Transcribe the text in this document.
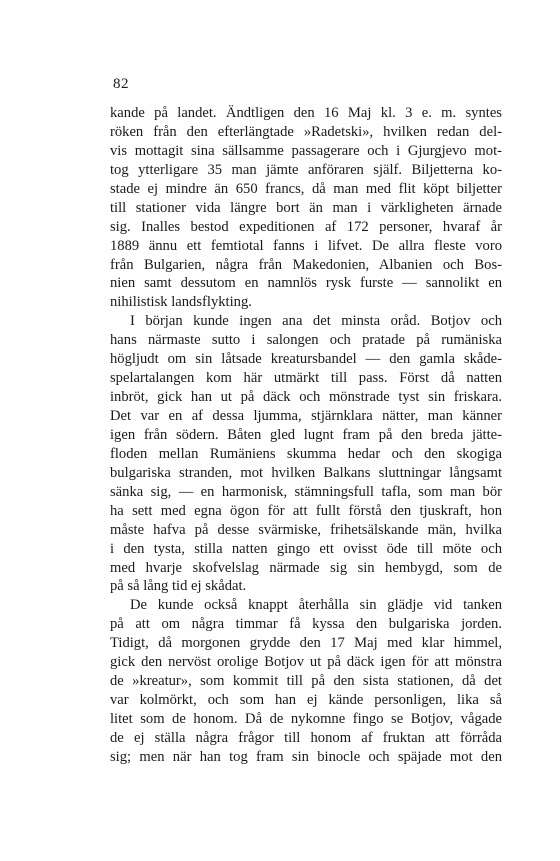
82
kande på landet. Ändtligen den 16 Maj kl. 3 e. m. syntes
röken från den efterlängtade »Radetski», hvilken redan del-
vis mottagit sina sällsamme passagerare och i Gjurgjevo mot-
tog ytterligare 35 man jämte anföraren själf. Biljetterna ko-
stade ej mindre än 650 francs, då man med flit köpt biljetter
till stationer vida längre bort än man i värkligheten ärnade
sig. Inalles bestod expeditionen af 172 personer, hvaraf år
1889 ännu ett femtiotal fanns i lifvet. De allra fleste voro
från Bulgarien, några från Makedonien, Albanien och Bos-
nien samt dessutom en namnlös rysk furste — sannolikt en
nihilistisk landsflykting.
I början kunde ingen ana det minsta oråd. Botjov och
hans närmaste sutto i salongen och pratade på rumäniska
högljudt om sin låtsade kreatursbandel — den gamla skåde-
spelartalangen kom här utmärkt till pass. Först då natten
inbröt, gick han ut på däck och mönstrade tyst sin friskara.
Det var en af dessa ljumma, stjärnklara nätter, man känner
igen från södern. Båten gled lugnt fram på den breda jätte-
floden mellan Rumäniens skumma hedar och den skogiga
bulgariska stranden, mot hvilken Balkans sluttningar långsamt
sänka sig, — en harmonisk, stämningsfull tafla, som man bör
ha sett med egna ögon för att fullt förstå den tjuskraft, hon
måste hafva på desse svärmiske, frihetsälskande män, hvilka
i den tysta, stilla natten gingo ett ovisst öde till möte och
med hvarje skofvelslag närmade sig sin hembygd, som de
på så lång tid ej skådat.
De kunde också knappt återhålla sin glädje vid tanken
på att om några timmar få kyssa den bulgariska jorden.
Tidigt, då morgonen grydde den 17 Maj med klar himmel,
gick den nervöst orolige Botjov ut på däck igen för att mönstra
de »kreatur», som kommit till på den sista stationen, då det
var kolmörkt, och som han ej kände personligen, lika så
litet som de honom. Då de nykomne fingo se Botjov, vågade
de ej ställa några frågor till honom af fruktan att förråda
sig; men när han tog fram sin binocle och späjade mot den
